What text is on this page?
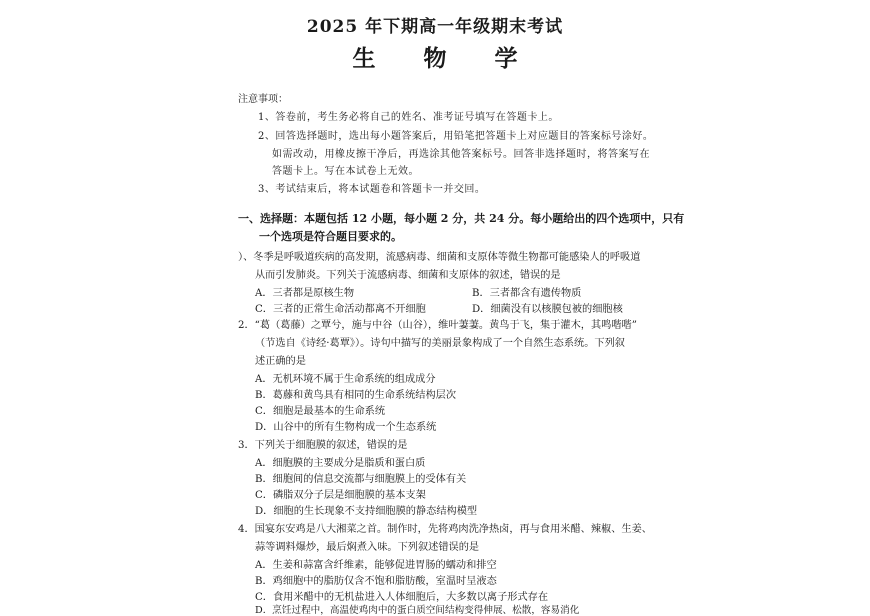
2025 年下期高一年级期末考试
生 物 学
注意事项：
1、答卷前，考生务必将自己的姓名、准考证号填写在答题卡上。
2、回答选择题时，选出每小题答案后，用铅笔把答题卡上对应题目的答案标号涂好。
如需改动，用橡皮擦干净后，再选涂其他答案标号。回答非选择题时，将答案写在
答题卡上。写在本试卷上无效。
3、考试结束后，将本试题卷和答题卡一并交回。
一、选择题：本题包括 12 小题，每小题 2 分，共 24 分。每小题给出的四个选项中，只有
一个选项是符合题目要求的。
）、冬季是呼吸道疾病的高发期，流感病毒、细菌和支原体等微生物都可能感染人的呼吸道
从而引发肺炎。下列关于流感病毒、细菌和支原体的叙述，错误的是
A．三者都是原核生物	B．三者都含有遗传物质
C．三者的正常生命活动都离不开细胞	D．细菌没有以核膜包被的细胞核
2．“葛（葛藤）之覃兮，施与中谷（山谷），维叶萋萋。黄鸟于飞，集于灌木，其鸣喈喈”
（节选自《诗经·葛覃》）。诗句中描写的美丽景象构成了一个自然生态系统。下列叙
述正确的是
A．无机环境不属于生命系统的组成成分
B．葛藤和黄鸟具有相同的生命系统结构层次
C．细胞是最基本的生命系统
D．山谷中的所有生物构成一个生态系统
3．下列关于细胞膜的叙述，错误的是
A．细胞膜的主要成分是脂质和蛋白质
B．细胞间的信息交流都与细胞膜上的受体有关
C．磷脂双分子层是细胞膜的基本支架
D．细胞的生长现象不支持细胞膜的静态结构模型
4．国宴东安鸡是八大湘菜之首。制作时，先将鸡肉洗净热卤，再与食用米醋、辣椒、生姜、
蒜等调料爆炒，最后焖煮入味。下列叙述错误的是
A．生姜和蒜富含纤维素，能够促进胃肠的蠕动和排空
B．鸡细胞中的脂肪仅含不饱和脂肪酸，室温时呈液态
C．食用米醋中的无机盐进入人体细胞后，大多数以离子形式存在
D．烹饪过程中，高温使鸡肉中的蛋白质空间结构变得伸展、松散，容易消化
